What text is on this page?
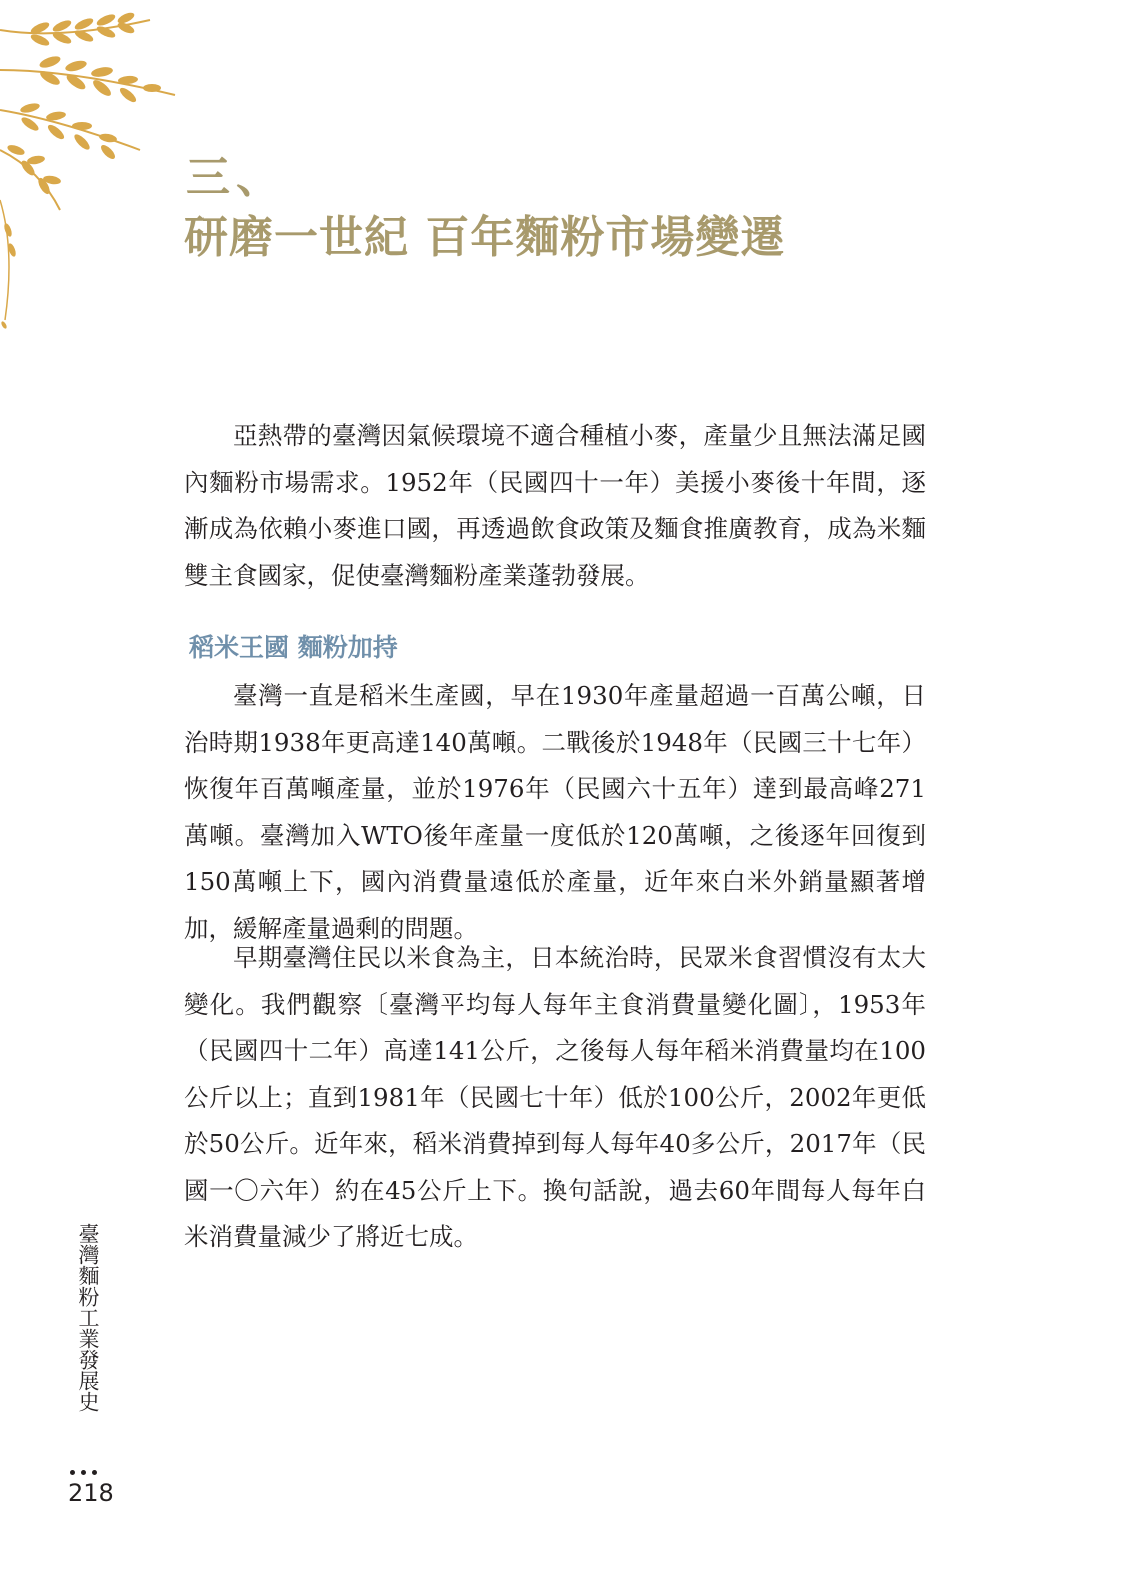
三、
研磨一世紀 百年麵粉市場變遷

亞熱帶的臺灣因氣候環境不適合種植小麥，產量少且無法滿足國內麵粉市場需求。1952年（民國四十一年）美援小麥後十年間，逐漸成為依賴小麥進口國，再透過飲食政策及麵食推廣教育，成為米麵雙主食國家，促使臺灣麵粉產業蓬勃發展。

稻米王國 麵粉加持

臺灣一直是稻米生產國，早在1930年產量超過一百萬公噸，日治時期1938年更高達140萬噸。二戰後於1948年（民國三十七年）恢復年百萬噸產量，並於1976年（民國六十五年）達到最高峰271萬噸。臺灣加入WTO後年產量一度低於120萬噸，之後逐年回復到150萬噸上下，國內消費量遠低於產量，近年來白米外銷量顯著增加，緩解產量過剩的問題。

早期臺灣住民以米食為主，日本統治時，民眾米食習慣沒有太大變化。我們觀察〔臺灣平均每人每年主食消費量變化圖〕，1953年（民國四十二年）高達141公斤，之後每人每年稻米消費量均在100公斤以上；直到1981年（民國七十年）低於100公斤，2002年更低於50公斤。近年來，稻米消費掉到每人每年40多公斤，2017年（民國一〇六年）約在45公斤上下。換句話說，過去60年間每人每年白米消費量減少了將近七成。

臺灣麵粉工業發展史
218
